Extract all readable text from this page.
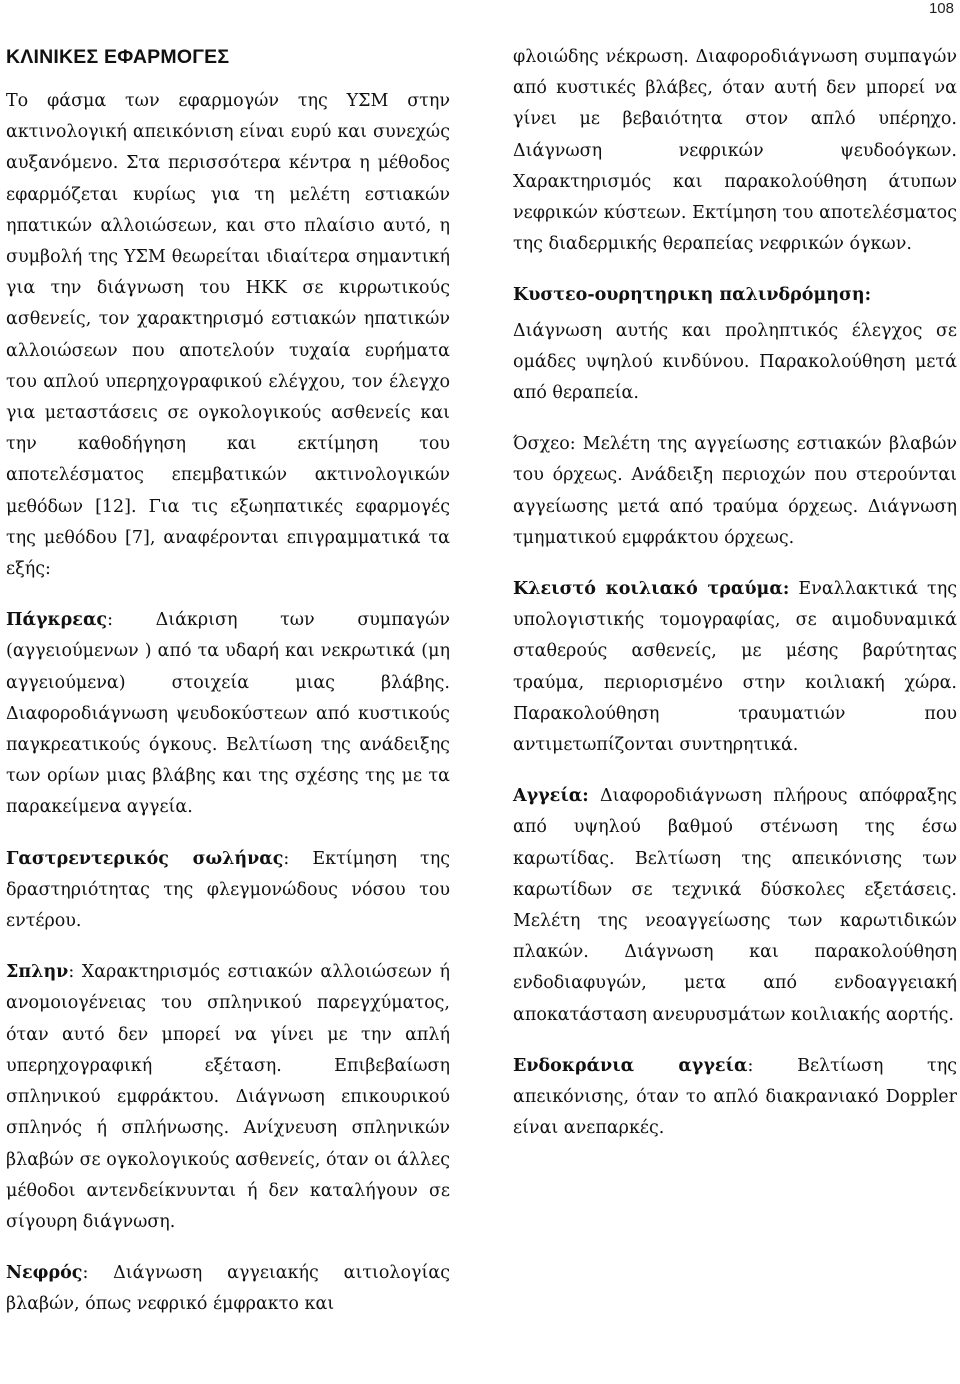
108
ΚΛΙΝΙΚΕΣ ΕΦΑΡΜΟΓΕΣ

Το φάσμα των εφαρμογών της ΥΣΜ στην ακτινολογική απεικόνιση είναι ευρύ και συνεχώς αυξανόμενο. Στα περισσότερα κέντρα η μέθοδος εφαρμόζεται κυρίως για τη μελέτη εστιακών ηπατικών αλλοιώσεων, και στο πλαίσιο αυτό, η συμβολή της ΥΣΜ θεωρείται ιδιαίτερα σημαντική για την διάγνωση του ΗΚΚ σε κιρρωτικούς ασθενείς, τον χαρακτηρισμό εστιακών ηπατικών αλλοιώσεων που αποτελούν τυχαία ευρήματα του απλού υπερηχογραφικού ελέγχου, τον έλεγχο για μεταστάσεις σε ογκολογικούς ασθενείς και την καθοδήγηση και εκτίμηση του αποτελέσματος επεμβατικών ακτινολογικών μεθόδων [12]. Για τις εξωηπατικές εφαρμογές της μεθόδου [7], αναφέρονται επιγραμματικά τα εξής:

Πάγκρεας: Διάκριση των συμπαγών (αγγειούμενων ) από τα υδαρή και νεκρωτικά (μη αγγειούμενα) στοιχεία μιας βλάβης. Διαφοροδιάγνωση ψευδοκύστεων από κυστικούς παγκρεατικούς όγκους. Βελτίωση της ανάδειξης των ορίων μιας βλάβης και της σχέσης της με τα παρακείμενα αγγεία.

Γαστρεντερικός σωλήνας: Εκτίμηση της δραστηριότητας της φλεγμονώδους νόσου του εντέρου.

Σπλην: Χαρακτηρισμός εστιακών αλλοιώσεων ή ανομοιογένειας του σπληνικού παρεγχύματος, όταν αυτό δεν μπορεί να γίνει με την απλή υπερηχογραφική εξέταση. Επιβεβαίωση σπληνικού εμφράκτου. Διάγνωση επικουρικού σπληνός ή σπλήνωσης. Ανίχνευση σπληνικών βλαβών σε ογκολογικούς ασθενείς, όταν οι άλλες μέθοδοι αντενδείκνυνται ή δεν καταλήγουν σε σίγουρη διάγνωση.

Νεφρός: Διάγνωση αγγειακής αιτιολογίας βλαβών, όπως νεφρικό έμφρακτο και

φλοιώδης νέκρωση. Διαφοροδιάγνωση συμπαγών από κυστικές βλάβες, όταν αυτή δεν μπορεί να γίνει με βεβαιότητα στον απλό υπέρηχο. Διάγνωση νεφρικών ψευδοόγκων. Χαρακτηρισμός και παρακολούθηση άτυπων νεφρικών κύστεων. Εκτίμηση του αποτελέσματος της διαδερμικής θεραπείας νεφρικών όγκων.

Κυστεο-ουρητηρικη παλινδρόμηση:

Διάγνωση αυτής και προληπτικός έλεγχος σε ομάδες υψηλού κινδύνου. Παρακολούθηση μετά από θεραπεία.

Όσχεο: Μελέτη της αγγείωσης εστιακών βλαβών του όρχεως. Ανάδειξη περιοχών που στερούνται αγγείωσης μετά από τραύμα όρχεως. Διάγνωση τμηματικού εμφράκτου όρχεως.

Κλειστό κοιλιακό τραύμα: Εναλλακτικά της υπολογιστικής τομογραφίας, σε αιμοδυναμικά σταθερούς ασθενείς, με μέσης βαρύτητας τραύμα, περιορισμένο στην κοιλιακή χώρα. Παρακολούθηση τραυματιών που αντιμετωπίζονται συντηρητικά.

Αγγεία: Διαφοροδιάγνωση πλήρους απόφραξης από υψηλού βαθμού στένωση της έσω καρωτίδας. Βελτίωση της απεικόνισης των καρωτίδων σε τεχνικά δύσκολες εξετάσεις. Μελέτη της νεοαγγείωσης των καρωτιδικών πλακών. Διάγνωση και παρακολούθηση ενδοδιαφυγών, μετα από ενδοαγγειακή αποκατάσταση ανευρυσμάτων κοιλιακής αορτής.

Ενδοκράνια αγγεία: Βελτίωση της απεικόνισης, όταν το απλό διακρανιακό Doppler είναι ανεπαρκές.
